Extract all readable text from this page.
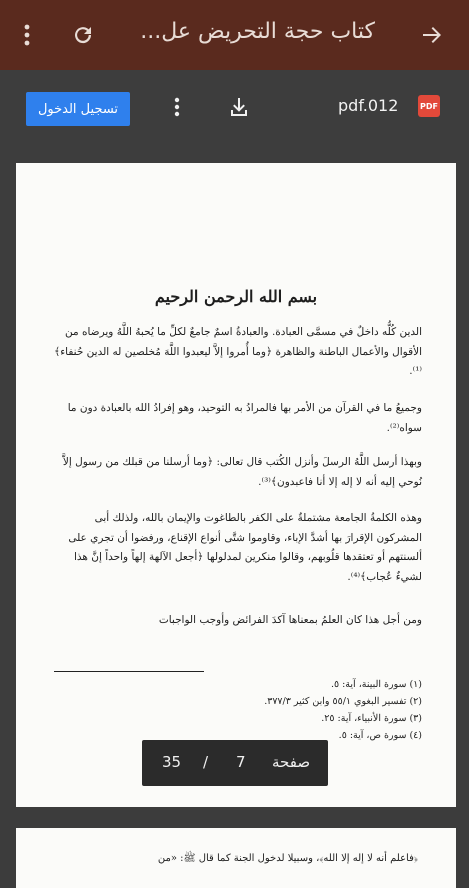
كتاب حجة التحريض عل...
بسم الله الرحمن الرحيم

الدين كُلُّه داخلٌ في مسمَّى العبادة. والعبادةُ اسمٌ جامعٌ لكلِّ ما يُحبهُ اللَّهُ ويرضاه من الأقوال والأعمال الباطنة والظاهرة ﴿وما أُمروا إلاَّ ليعبدوا اللَّهَ مُخلصين له الدين حُنفاء﴾⁽¹⁾.

وجميعُ ما في القرآن من الأمر بها فالمرادُ به التوحيد، وهو إفرادُ الله بالعبادة دون ما سواه⁽²⁾.

وبهذا أرسل اللَّهُ الرسلَ وأنزل الكُتب قال تعالى: ﴿وما أرسلنا من قبلك من رسول إلاَّ نُوحي إليه أنه لا إله إلا أنا فاعبدون﴾⁽³⁾.

وهذه الكلمةُ الجامعة مشتملةٌ على الكفر بالطاغوت والإيمان بالله، ولذلك أبى المشركون الإقرارَ بها أشدَّ الإباء، وقاوموا شتَّى أنواع الإقناع، ورفضوا أن تجري على ألسنتهم أو تعتقدها قلُوبهم، وقالوا منكرين لمدلولها ﴿أجعل الآلهة إلهاً واحداً إنَّ هذا لشيءٌ عُجاب﴾⁽⁴⁾.

ومن أجل هذا كان العلمُ بمعناها آكدَ الفرائض وأوجب الواجبات

(١) سورة البينة، آية: ٥.
(٢) تفسير البغوي ٥٥/١ وابن كثير ٣٧٧/٣.
(٣) سورة الأنبياء، آية: ٢٥.
(٤) سورة ص، آية: ٥.
﴿فاعلم أنه لا إله إلا الله﴾، وسبيلا لدخول الجنة كما قال ﷺ: «من
تسجيل الدخول	pdf.012	PDF
35 / 7 صفحة
